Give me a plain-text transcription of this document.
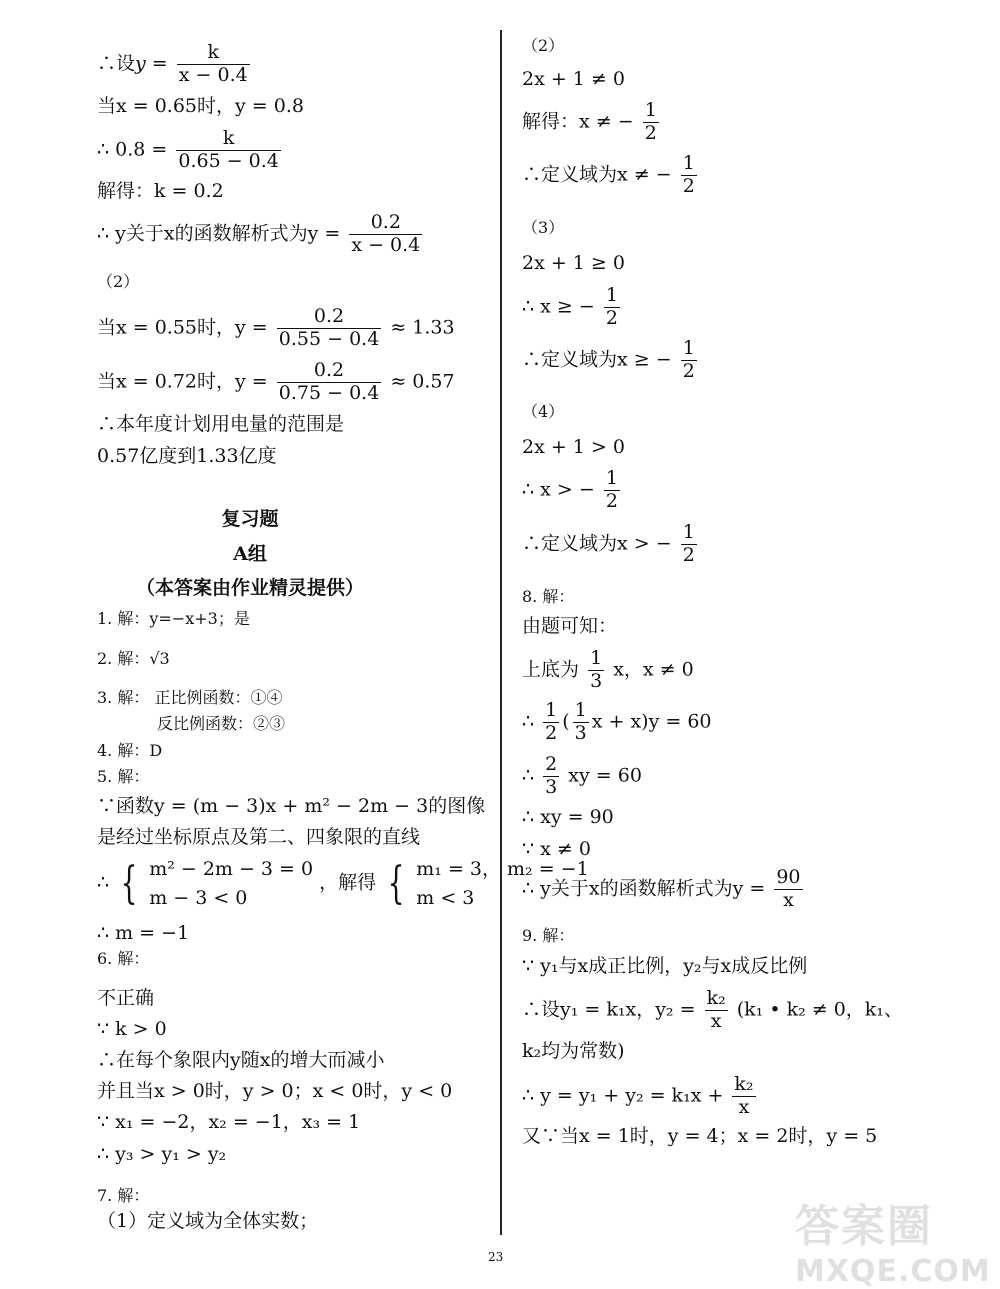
∴设$y = \frac{k}{x - 0.4}$
当x = 0.65时，y = 0.8
∴ $0.8 = \frac{k}{0.65 - 0.4}$
解得：k = 0.2
∴ y关于x的函数解析式为$y = \frac{0.2}{x - 0.4}$
（2）
当x = 0.55时，$y = \frac{0.2}{0.55 - 0.4} \approx 1.33$
当x = 0.72时，$y = \frac{0.2}{0.75 - 0.4} \approx 0.57$
∴本年度计划用电量的范围是
0.57亿度到1.33亿度
复习题
A组
（本答案由作业精灵提供）
1. 解：y=−x+3；是
2. 解：√3
3. 解： 正比例函数：①④
反比例函数：②③
4. 解：D
5. 解：
∵函数y = (m − 3)x + m² − 2m − 3的图像
是经过坐标原点及第二、四象限的直线
∴ { m² − 2m − 3 = 0
m − 3 < 0
，解得 { m₁ = 3， m₂ = −1
m < 3
∴ m = −1
6. 解：
不正确
∵ k > 0
∴在每个象限内y随x的增大而减小
并且当x > 0时，y > 0；x < 0时，y < 0
∵ x₁ = −2，x₂ = −1，x₃ = 1
∴ y₃ > y₁ > y₂
7. 解：
（1）定义域为全体实数；
（2）
2x + 1 ≠ 0
解得：x ≠ − $\frac{1}{2}$
∴定义域为x ≠ − $\frac{1}{2}$
（3）
2x + 1 ≥ 0
∴ x ≥ − $\frac{1}{2}$
∴定义域为x ≥ − $\frac{1}{2}$
（4）
2x + 1 > 0
∴ x > − $\frac{1}{2}$
∴定义域为x > − $\frac{1}{2}$
8. 解：
由题可知：
上底为 $\frac{1}{3}$ x，x ≠ 0
∴ $\frac{1}{2}$ ( $\frac{1}{3}$ x + x)y = 60
∴ $\frac{2}{3}$ xy = 60
∴ xy = 90
∵ x ≠ 0
∴ y关于x的函数解析式为$y = \frac{90}{x}$
9. 解：
∵ y₁与x成正比例，y₂与x成反比例
∴设y₁ = k₁x，$y_2 = \frac{\text{k₂}}{x} (k_1$ • k₂ ≠ 0，k₁、
k₂均为常数)
∴ $y = y_1 + y_2 = k_1x + \frac{\text{k₂}}{x}$
又∵当x = 1时，y = 4；x = 2时，y = 5
23
答案圈
MXQE.COM
